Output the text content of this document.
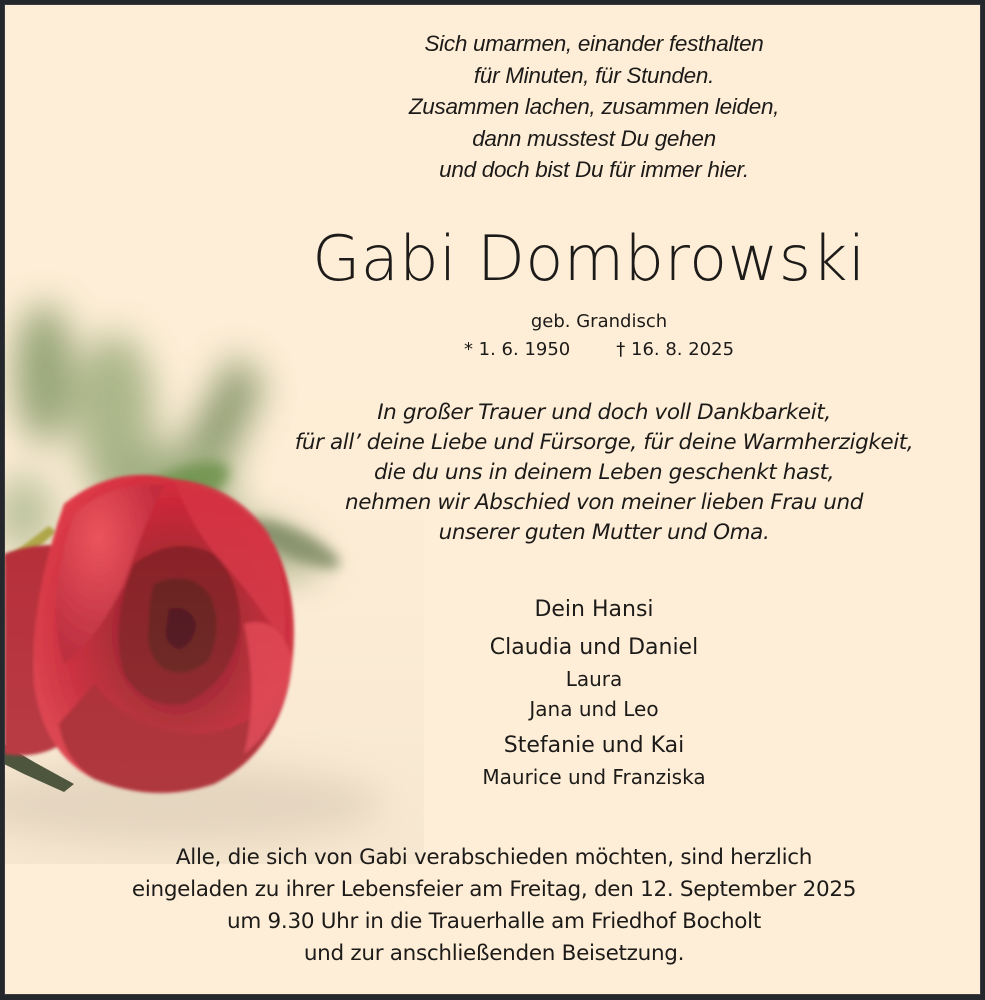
Sich umarmen, einander festhalten
für Minuten, für Stunden.
Zusammen lachen, zusammen leiden,
dann musstest Du gehen
und doch bist Du für immer hier.
Gabi Dombrowski
geb. Grandisch
* 1. 6. 1950	† 16. 8. 2025
In großer Trauer und doch voll Dankbarkeit,
für all’ deine Liebe und Fürsorge, für deine Warmherzigkeit,
die du uns in deinem Leben geschenkt hast,
nehmen wir Abschied von meiner lieben Frau und
unserer guten Mutter und Oma.
Dein Hansi
Claudia und Daniel
Laura
Jana und Leo
Stefanie und Kai
Maurice und Franziska
Alle, die sich von Gabi verabschieden möchten, sind herzlich
eingeladen zu ihrer Lebensfeier am Freitag, den 12. September 2025
um 9.30 Uhr in die Trauerhalle am Friedhof Bocholt
und zur anschließenden Beisetzung.
